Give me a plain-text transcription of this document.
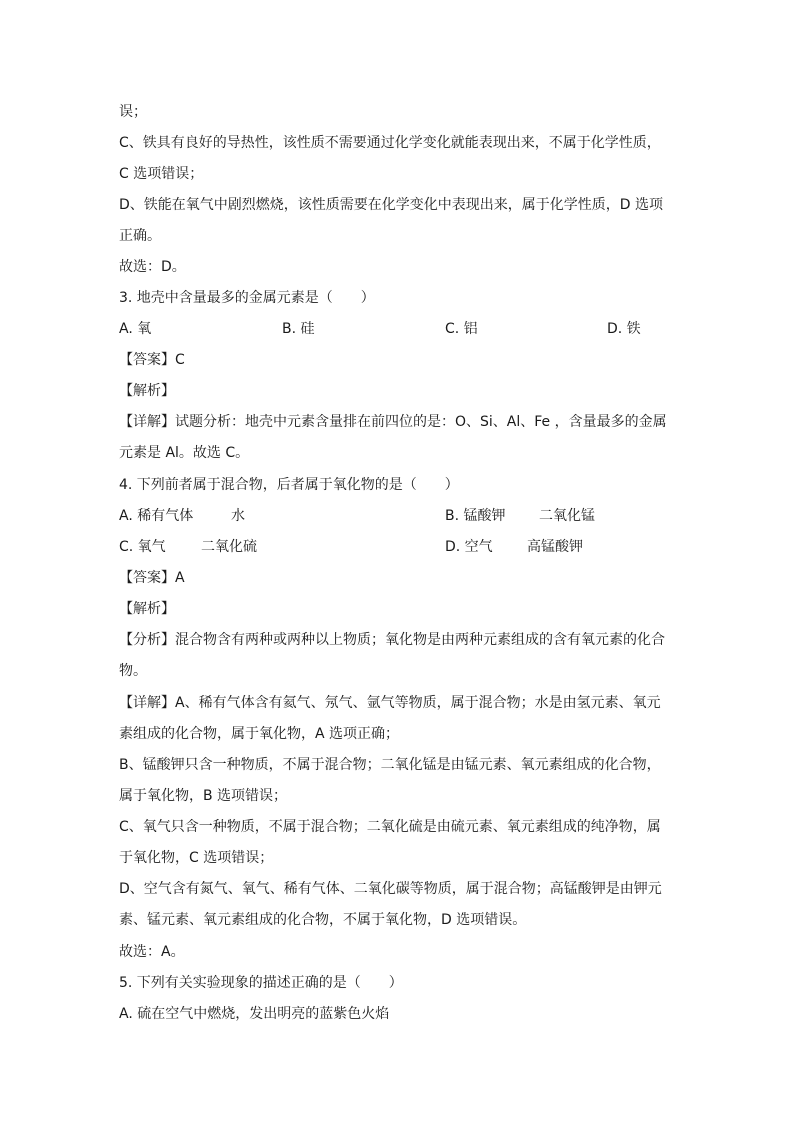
误；
C、铁具有良好的导热性，该性质不需要通过化学变化就能表现出来，不属于化学性质，
C 选项错误；
D、铁能在氧气中剧烈燃烧，该性质需要在化学变化中表现出来，属于化学性质，D 选项
正确。
故选：D。
3. 地壳中含量最多的金属元素是（　　）
A. 氧	B. 硅	C. 铝	D. 铁
【答案】C
【解析】
【详解】试题分析：地壳中元素含量排在前四位的是：O、Si、Al、Fe ，含量最多的金属
元素是 Al。故选 C。
4. 下列前者属于混合物，后者属于氧化物的是（　　）
A. 稀有气体	水	B. 锰酸钾 二氧化锰
C. 氧气	二氧化硫	D. 空气 高锰酸钾
【答案】A
【解析】
【分析】混合物含有两种或两种以上物质；氧化物是由两种元素组成的含有氧元素的化合
物。
【详解】A、稀有气体含有氦气、氖气、氩气等物质，属于混合物；水是由氢元素、氧元
素组成的化合物，属于氧化物，A 选项正确；
B、锰酸钾只含一种物质，不属于混合物；二氧化锰是由锰元素、氧元素组成的化合物，
属于氧化物，B 选项错误；
C、氧气只含一种物质，不属于混合物；二氧化硫是由硫元素、氧元素组成的纯净物，属
于氧化物，C 选项错误；
D、空气含有氮气、氧气、稀有气体、二氧化碳等物质，属于混合物；高锰酸钾是由钾元
素、锰元素、氧元素组成的化合物，不属于氧化物，D 选项错误。
故选：A。
5. 下列有关实验现象的描述正确的是（　　）
A. 硫在空气中燃烧，发出明亮的蓝紫色火焰
